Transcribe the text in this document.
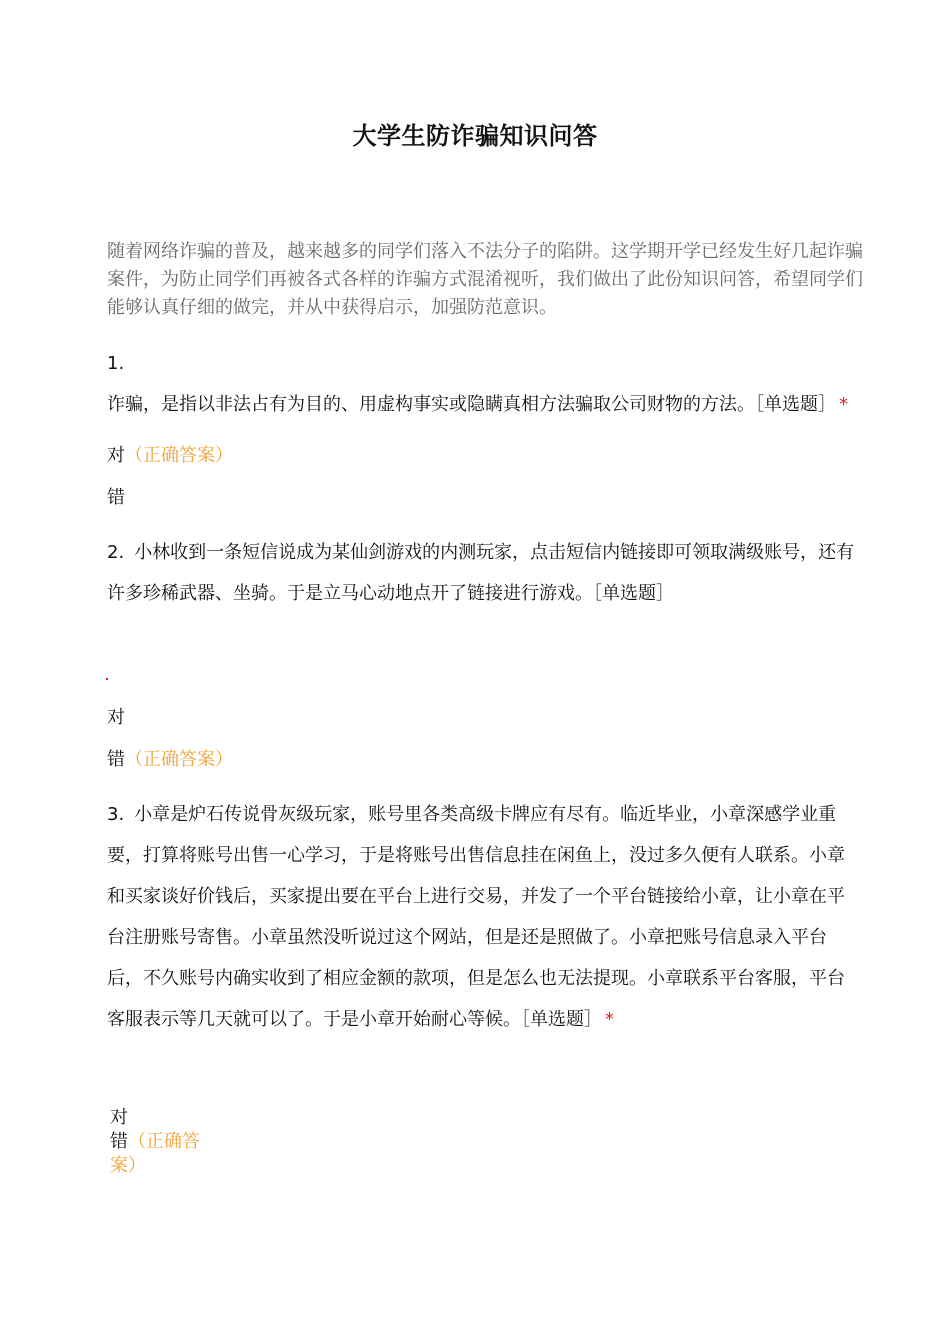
大学生防诈骗知识问答
随着网络诈骗的普及，越来越多的同学们落入不法分子的陷阱。这学期开学已经发生好几起诈骗案件，为防止同学们再被各式各样的诈骗方式混淆视听，我们做出了此份知识问答，希望同学们能够认真仔细的做完，并从中获得启示，加强防范意识。
1.诈骗，是指以非法占有为目的、用虚构事实或隐瞒真相方法骗取公司财物的方法。［单选题］ *
对（正确答案）
错
2. 小林收到一条短信说成为某仙剑游戏的内测玩家，点击短信内链接即可领取满级账号，还有许多珍稀武器、坐骑。于是立马心动地点开了链接进行游戏。［单选题］
对
错（正确答案）
3. 小章是炉石传说骨灰级玩家，账号里各类高级卡牌应有尽有。临近毕业，小章深感学业重要，打算将账号出售一心学习，于是将账号出售信息挂在闲鱼上，没过多久便有人联系。小章和买家谈好价钱后，买家提出要在平台上进行交易，并发了一个平台链接给小章，让小章在平台注册账号寄售。小章虽然没听说过这个网站，但是还是照做了。小章把账号信息录入平台后，不久账号内确实收到了相应金额的款项，但是怎么也无法提现。小章联系平台客服，平台客服表示等几天就可以了。于是小章开始耐心等候。［单选题］ *
对
错（正确答案）
